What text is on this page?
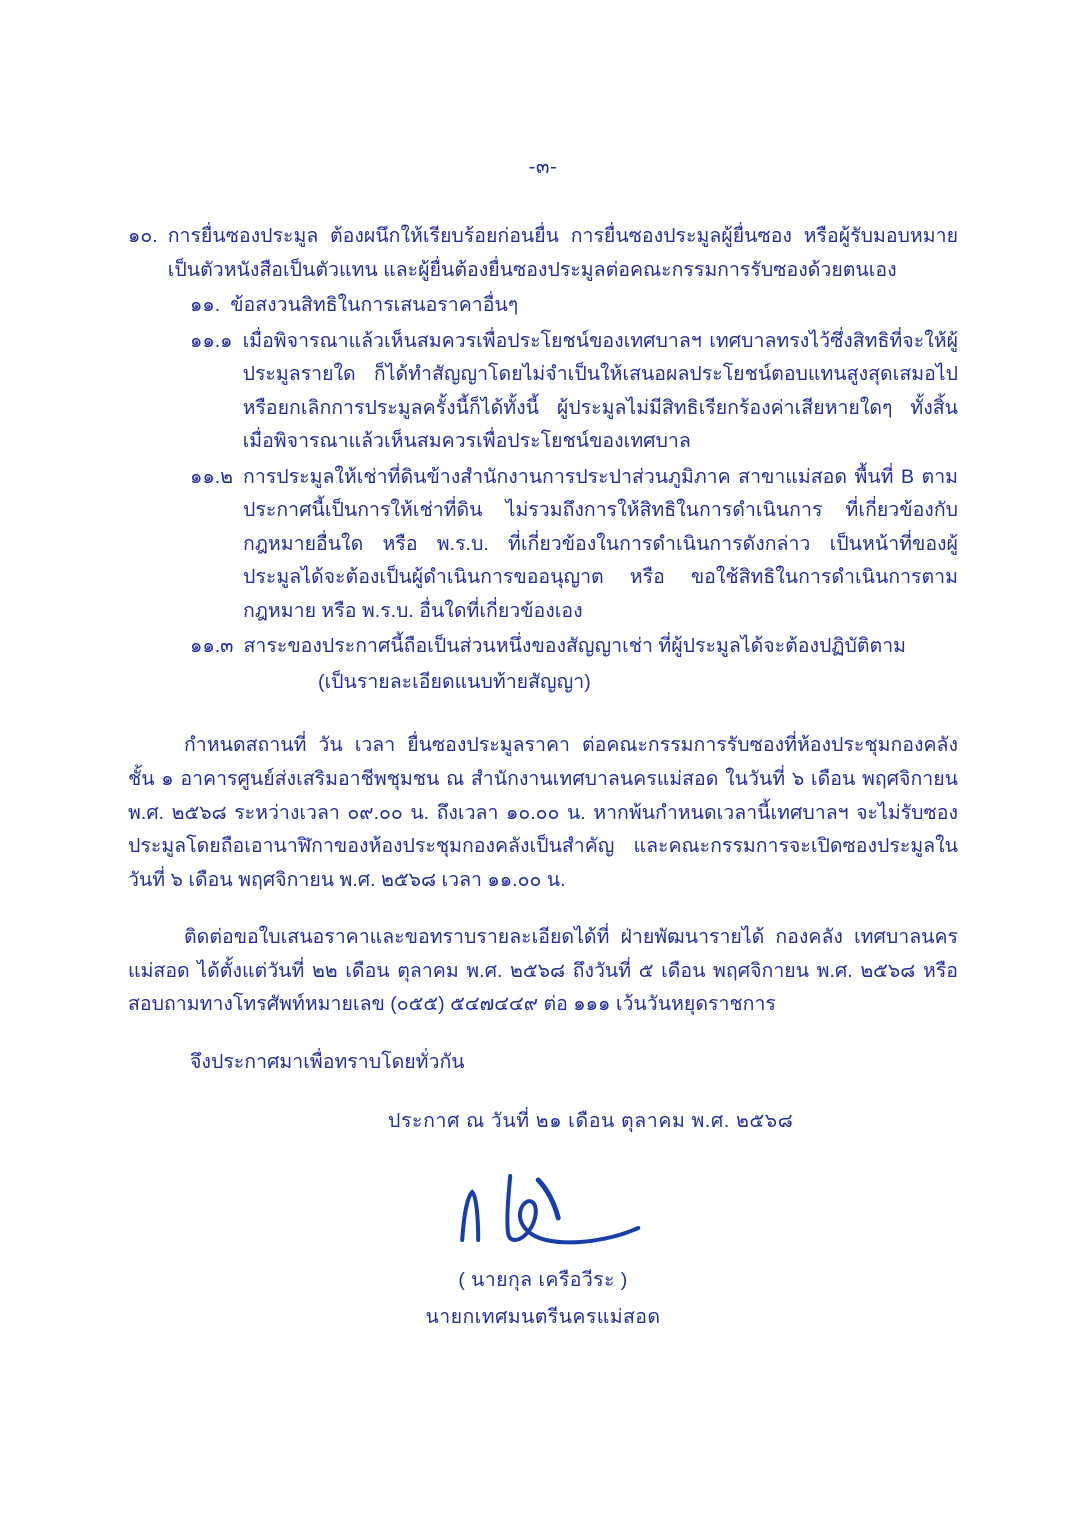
-๓-
๑๐. การยื่นซองประมูล ต้องผนึกให้เรียบร้อยก่อนยื่น การยื่นซองประมูลผู้ยื่นซอง หรือผู้รับมอบหมายเป็นตัวหนังสือเป็นตัวแทน และผู้ยื่นต้องยื่นซองประมูลต่อคณะกรรมการรับซองด้วยตนเอง
๑๑. ข้อสงวนสิทธิในการเสนอราคาอื่นๆ
๑๑.๑ เมื่อพิจารณาแล้วเห็นสมควรเพื่อประโยชน์ของเทศบาลฯ เทศบาลทรงไว้ซึ่งสิทธิที่จะให้ผู้ประมูลรายใด ก็ได้ทำสัญญาโดยไม่จำเป็นให้เสนอผลประโยชน์ตอบแทนสูงสุดเสมอไปหรือยกเลิกการประมูลครั้งนี้ก็ได้ทั้งนี้ ผู้ประมูลไม่มีสิทธิเรียกร้องค่าเสียหายใดๆ ทั้งสิ้นเมื่อพิจารณาแล้วเห็นสมควรเพื่อประโยชน์ของเทศบาล
๑๑.๒ การประมูลให้เช่าที่ดินข้างสำนักงานการประปาส่วนภูมิภาค สาขาแม่สอด พื้นที่ B ตามประกาศนี้เป็นการให้เช่าที่ดิน ไม่รวมถึงการให้สิทธิในการดำเนินการ ที่เกี่ยวข้องกับกฎหมายอื่นใด หรือ พ.ร.บ. ที่เกี่ยวข้องในการดำเนินการดังกล่าว เป็นหน้าที่ของผู้ประมูลได้จะต้องเป็นผู้ดำเนินการขออนุญาต หรือ ขอใช้สิทธิในการดำเนินการตามกฎหมาย หรือ พ.ร.บ. อื่นใดที่เกี่ยวข้องเอง
๑๑.๓ สาระของประกาศนี้ถือเป็นส่วนหนึ่งของสัญญาเช่า ที่ผู้ประมูลได้จะต้องปฏิบัติตาม
(เป็นรายละเอียดแนบท้ายสัญญา)

กำหนดสถานที่ วัน เวลา ยื่นซองประมูลราคา ต่อคณะกรรมการรับซองที่ห้องประชุมกองคลัง ชั้น ๑ อาคารศูนย์ส่งเสริมอาชีพชุมชน ณ สำนักงานเทศบาลนครแม่สอด ในวันที่ ๖ เดือน พฤศจิกายน พ.ศ. ๒๕๖๘ ระหว่างเวลา ๐๙.๐๐ น. ถึงเวลา ๑๐.๐๐ น. หากพ้นกำหนดเวลานี้เทศบาลฯ จะไม่รับซองประมูลโดยถือเอานาฬิกาของห้องประชุมกองคลังเป็นสำคัญ และคณะกรรมการจะเปิดซองประมูลในวันที่ ๖ เดือน พฤศจิกายน พ.ศ. ๒๕๖๘ เวลา ๑๑.๐๐ น.

ติดต่อขอใบเสนอราคาและขอทราบรายละเอียดได้ที่ ฝ่ายพัฒนารายได้ กองคลัง เทศบาลนครแม่สอด ได้ตั้งแต่วันที่ ๒๒ เดือน ตุลาคม พ.ศ. ๒๕๖๘ ถึงวันที่ ๕ เดือน พฤศจิกายน พ.ศ. ๒๕๖๘ หรือสอบถามทางโทรศัพท์หมายเลข (๐๕๕) ๕๔๗๔๔๙ ต่อ ๑๑๑ เว้นวันหยุดราชการ

จึงประกาศมาเพื่อทราบโดยทั่วกัน
ประกาศ ณ วันที่ ๒๑ เดือน ตุลาคม พ.ศ. ๒๕๖๘
( นายกุล เครือวีระ )
นายกเทศมนตรีนครแม่สอด
